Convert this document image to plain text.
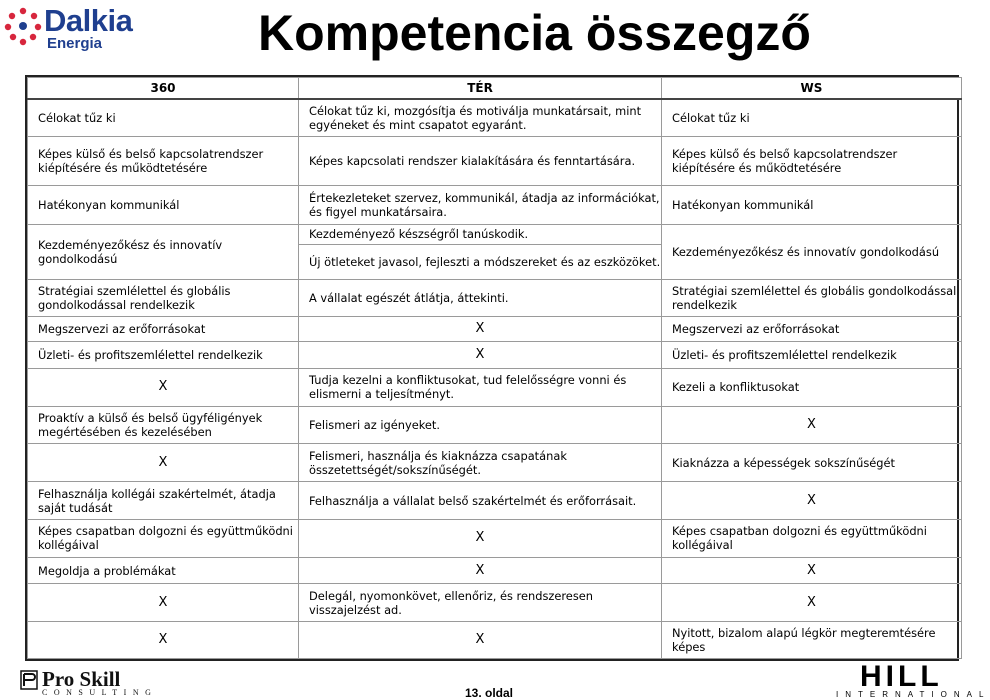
Dalkia
Energia	Kompetencia összegző
360	TÉR	WS
Célokat tűz ki	Célokat tűz ki, mozgósítja és motiválja munkatársait, mint egyéneket és mint csapatot egyaránt.	Célokat tűz ki
Képes külső és belső kapcsolatrendszer kiépítésére és működtetésére	Képes kapcsolati rendszer kialakítására és fenntartására.	Képes külső és belső kapcsolatrendszer kiépítésére és működtetésére
Hatékonyan kommunikál	Értekezleteket szervez, kommunikál, átadja az információkat, és figyel munkatársaira.	Hatékonyan kommunikál
Kezdeményezőkész és innovatív gondolkodású	Kezdeményező készségről tanúskodik.	Kezdeményezőkész és innovatív gondolkodású
	Új ötleteket javasol, fejleszti a módszereket és az eszközöket.	
Stratégiai szemlélettel és globális gondolkodással rendelkezik	A vállalat egészét átlátja, áttekinti.	Stratégiai szemlélettel és globális gondolkodással rendelkezik
Megszervezi az erőforrásokat	X	Megszervezi az erőforrásokat
Üzleti- és profitszemlélettel rendelkezik	X	Üzleti- és profitszemlélettel rendelkezik
X	Tudja kezelni a konfliktusokat, tud felelősségre vonni és elismerni a teljesítményt.	Kezeli a konfliktusokat
Proaktív a külső és belső ügyféligények megértésében és kezelésében	Felismeri az igényeket.	X
X	Felismeri, használja és kiaknázza csapatának összetettségét/sokszínűségét.	Kiaknázza a képességek sokszínűségét
Felhasználja kollégái szakértelmét, átadja saját tudását	Felhasználja a vállalat belső szakértelmét és erőforrásait.	X
Képes csapatban dolgozni és együttműködni kollégáival	X	Képes csapatban dolgozni és együttműködni kollégáival
Megoldja a problémákat	X	X
X	Delegál, nyomonkövet, ellenőriz, és rendszeresen visszajelzést ad.	X
X	X	Nyitott, bizalom alapú légkör megteremtésére képes
Pro Skill
CONSULTING	13. oldal	HILL
INTERNATIONAL
